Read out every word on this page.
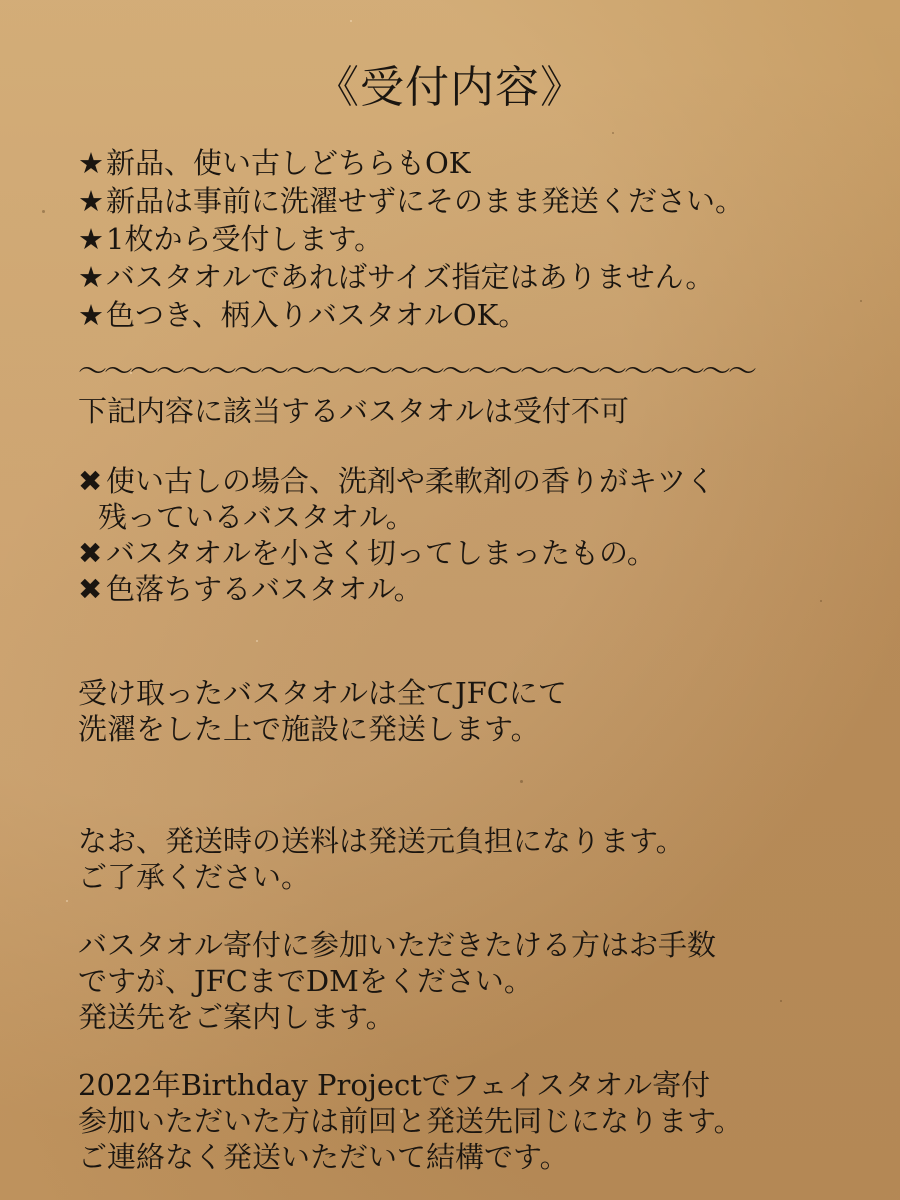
《受付内容》
★新品、使い古しどちらもOK
★新品は事前に洗濯せずにそのまま発送ください。
★1枚から受付します。
★バスタオルであればサイズ指定はありません。
★色つき、柄入りバスタオルOK。
～～～～～～～～～～～～～～～～～～～～～～～～～～
下記内容に該当するバスタオルは受付不可
✖ 使い古しの場合、洗剤や柔軟剤の香りがキツく
残っているバスタオル。
✖ バスタオルを小さく切ってしまったもの。
✖ 色落ちするバスタオル。
受け取ったバスタオルは全てJFCにて
洗濯をした上で施設に発送します。
なお、発送時の送料は発送元負担になります。
ご了承ください。
バスタオル寄付に参加いただきたける方はお手数
ですが、JFCまでDMをください。
発送先をご案内します。
2022年Birthday Projectでフェイスタオル寄付
参加いただいた方は前回と発送先同じになります。
ご連絡なく発送いただいて結構です。
